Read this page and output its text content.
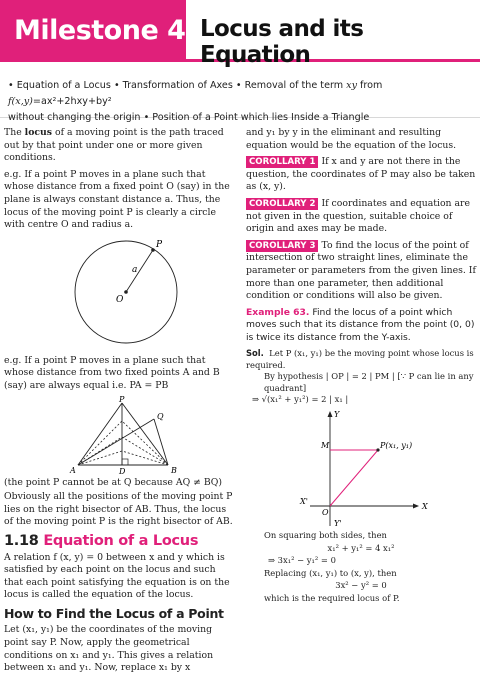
Milestone 4 Locus and its Equation
• Equation of a Locus • Transformation of Axes • Removal of the term xy from f(x,y)=ax²+2hxy+by²
without changing the origin • Position of a Point which lies Inside a Triangle

The locus of a moving point is the path traced out by that point under one or more given conditions.

e.g. If a point P moves in a plane such that whose distance from a fixed point O (say) in the plane is always constant distance a. Thus, the locus of the moving point P is clearly a circle with centre O and radius a.

P
a
O

e.g. If a point P moves in a plane such that whose distance from two fixed points A and B (say) are always equal i.e. PA = PB

P
Q
A	D	B

(the point P cannot be at Q because AQ ≠ BQ)

Obviously all the positions of the moving point P lies on the right bisector of AB. Thus, the locus of the moving point P is the right bisector of AB.

1.18 Equation of a Locus

A relation f (x, y) = 0 between x and y which is satisfied by each point on the locus and such that each point satisfying the equation is on the locus is called the equation of the locus.

How to Find the Locus of a Point

Let (x₁, y₁) be the coordinates of the moving point say P. Now, apply the geometrical conditions on x₁ and y₁. This gives a relation between x₁ and y₁. Now, replace x₁ by x

and y₁ by y in the eliminant and resulting equation would be the equation of the locus.

COROLLARY 1 If x and y are not there in the question, the coordinates of P may also be taken as (x, y).

COROLLARY 2 If coordinates and equation are not given in the question, suitable choice of origin and axes may be made.

COROLLARY 3 To find the locus of the point of intersection of two straight lines, eliminate the parameter or parameters from the given lines. If more than one parameter, then additional condition or conditions will also be given.

Example 63. Find the locus of a point which moves such that its distance from the point (0, 0) is twice its distance from the Y-axis.

Sol. Let P (x₁, y₁) be the moving point whose locus is required.
By hypothesis | OP | = 2 | PM | [∵ P can lie in any quadrant]
⇒ √(x₁² + y₁²) = 2 | x₁ |
Y
X
X'
Y'
O
M	P(x₁, y₁)
On squaring both sides, then
x₁² + y₁² = 4 x₁²
⇒ 3x₁² − y₁² = 0
Replacing (x₁, y₁) to (x, y), then
3x² − y² = 0
which is the required locus of P.
